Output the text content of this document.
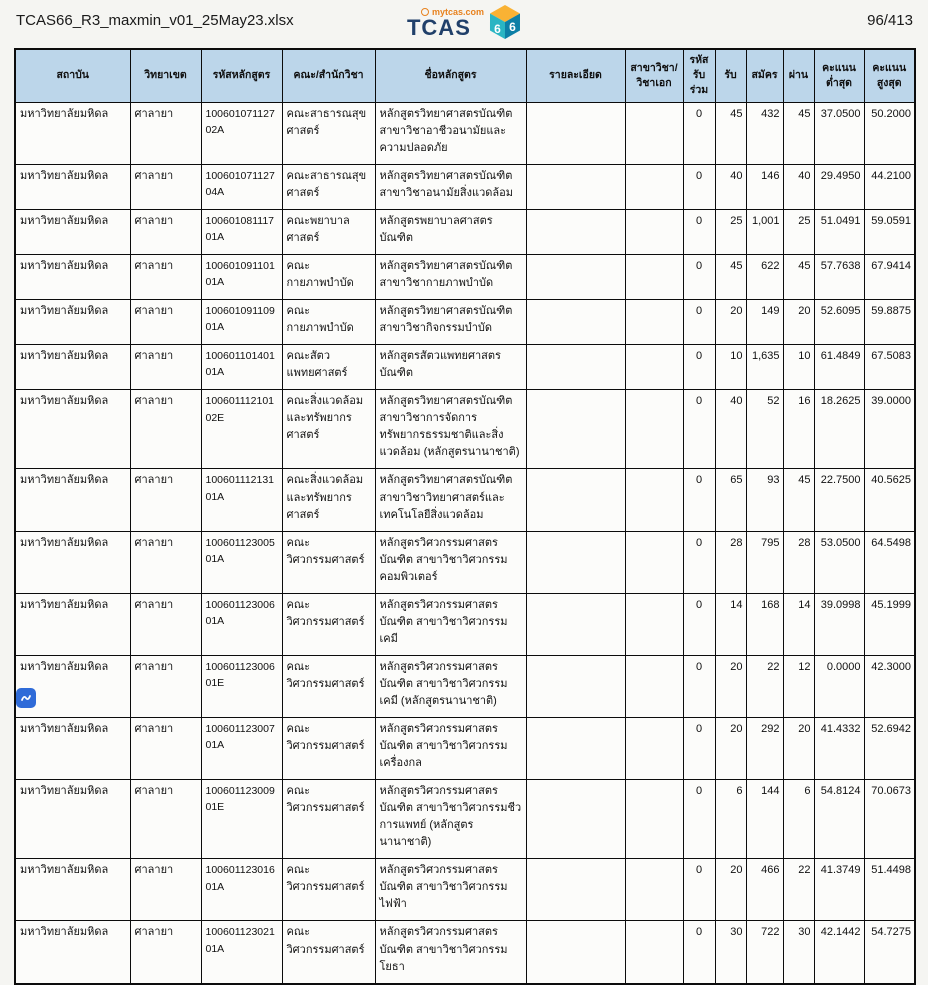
TCAS66_R3_maxmin_v01_25May23.xlsx	mytcas.com
TCAS 6 6	96/413
สถาบัน	วิทยาเขต	รหัสหลักสูตร	คณะ/สำนักวิชา	ชื่อหลักสูตร	รายละเอียด	สาขาวิชา/วิชาเอก	รหัสรับร่วม	รับ	สมัคร	ผ่าน	คะแนนต่ำสุด	คะแนนสูงสุด
มหาวิทยาลัยมหิดล	ศาลายา	10060107112702A	คณะสาธารณสุขศาสตร์	หลักสูตรวิทยาศาสตรบัณฑิต สาขาวิชาอาชีวอนามัยและความปลอดภัย			0	45	432	45	37.0500	50.2000
มหาวิทยาลัยมหิดล	ศาลายา	10060107112704A	คณะสาธารณสุขศาสตร์	หลักสูตรวิทยาศาสตรบัณฑิต สาขาวิชาอนามัยสิ่งแวดล้อม			0	40	146	40	29.4950	44.2100
มหาวิทยาลัยมหิดล	ศาลายา	10060108111701A	คณะพยาบาลศาสตร์	หลักสูตรพยาบาลศาสตรบัณฑิต			0	25	1,001	25	51.0491	59.0591
มหาวิทยาลัยมหิดล	ศาลายา	10060109110101A	คณะกายภาพบำบัด	หลักสูตรวิทยาศาสตรบัณฑิต สาขาวิชากายภาพบำบัด			0	45	622	45	57.7638	67.9414
มหาวิทยาลัยมหิดล	ศาลายา	10060109110901A	คณะกายภาพบำบัด	หลักสูตรวิทยาศาสตรบัณฑิต สาขาวิชากิจกรรมบำบัด			0	20	149	20	52.6095	59.8875
มหาวิทยาลัยมหิดล	ศาลายา	10060110140101A	คณะสัตวแพทยศาสตร์	หลักสูตรสัตวแพทยศาสตรบัณฑิต			0	10	1,635	10	61.4849	67.5083
มหาวิทยาลัยมหิดล	ศาลายา	10060111210102E	คณะสิ่งแวดล้อมและทรัพยากรศาสตร์	หลักสูตรวิทยาศาสตรบัณฑิต สาขาวิชาการจัดการทรัพยากรธรรมชาติและสิ่งแวดล้อม (หลักสูตรนานาชาติ)			0	40	52	16	18.2625	39.0000
มหาวิทยาลัยมหิดล	ศาลายา	10060111213101A	คณะสิ่งแวดล้อมและทรัพยากรศาสตร์	หลักสูตรวิทยาศาสตรบัณฑิต สาขาวิชาวิทยาศาสตร์และเทคโนโลยีสิ่งแวดล้อม			0	65	93	45	22.7500	40.5625
มหาวิทยาลัยมหิดล	ศาลายา	10060112300501A	คณะวิศวกรรมศาสตร์	หลักสูตรวิศวกรรมศาสตรบัณฑิต สาขาวิชาวิศวกรรมคอมพิวเตอร์			0	28	795	28	53.0500	64.5498
มหาวิทยาลัยมหิดล	ศาลายา	10060112300601A	คณะวิศวกรรมศาสตร์	หลักสูตรวิศวกรรมศาสตรบัณฑิต สาขาวิชาวิศวกรรมเคมี			0	14	168	14	39.0998	45.1999
มหาวิทยาลัยมหิดล	ศาลายา	10060112300601E	คณะวิศวกรรมศาสตร์	หลักสูตรวิศวกรรมศาสตรบัณฑิต สาขาวิชาวิศวกรรมเคมี (หลักสูตรนานาชาติ)			0	20	22	12	0.0000	42.3000
มหาวิทยาลัยมหิดล	ศาลายา	10060112300701A	คณะวิศวกรรมศาสตร์	หลักสูตรวิศวกรรมศาสตรบัณฑิต สาขาวิชาวิศวกรรมเครื่องกล			0	20	292	20	41.4332	52.6942
มหาวิทยาลัยมหิดล	ศาลายา	10060112300901E	คณะวิศวกรรมศาสตร์	หลักสูตรวิศวกรรมศาสตรบัณฑิต สาขาวิชาวิศวกรรมชีวการแพทย์ (หลักสูตรนานาชาติ)			0	6	144	6	54.8124	70.0673
มหาวิทยาลัยมหิดล	ศาลายา	10060112301601A	คณะวิศวกรรมศาสตร์	หลักสูตรวิศวกรรมศาสตรบัณฑิต สาขาวิชาวิศวกรรมไฟฟ้า			0	20	466	22	41.3749	51.4498
มหาวิทยาลัยมหิดล	ศาลายา	10060112302101A	คณะวิศวกรรมศาสตร์	หลักสูตรวิศวกรรมศาสตรบัณฑิต สาขาวิชาวิศวกรรมโยธา			0	30	722	30	42.1442	54.7275
